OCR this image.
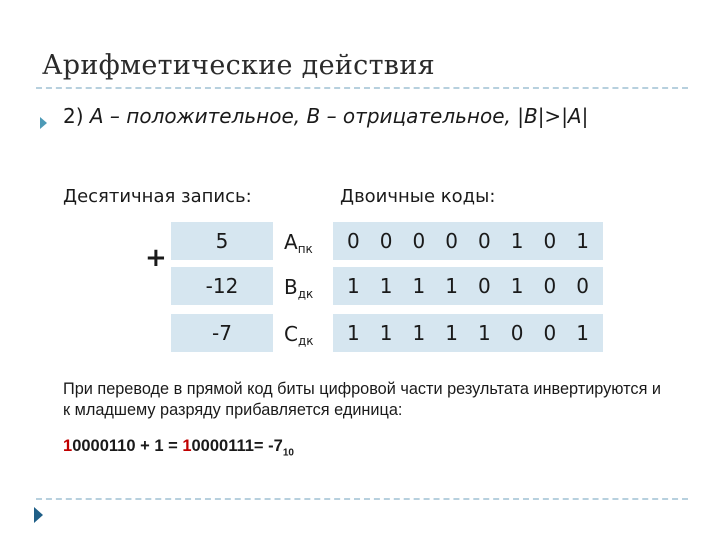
Арифметические действия
2) A – положительное, B – отрицательное, |B|>|A|
Десятичная запись:	Двоичные коды:
+
5	$A_{пк}$ 0 0 0 0 0 1 0 1
-12	$B_{дк}$ 1 1 1 1 0 1 0 0
-7	$C_{дк}$ 1 1 1 1 1 0 0 1
При переводе в прямой код биты цифровой части результата инвертируются и к младшему разряду прибавляется единица:
$10000110 + 1 = 10000111= -7_{10}$
